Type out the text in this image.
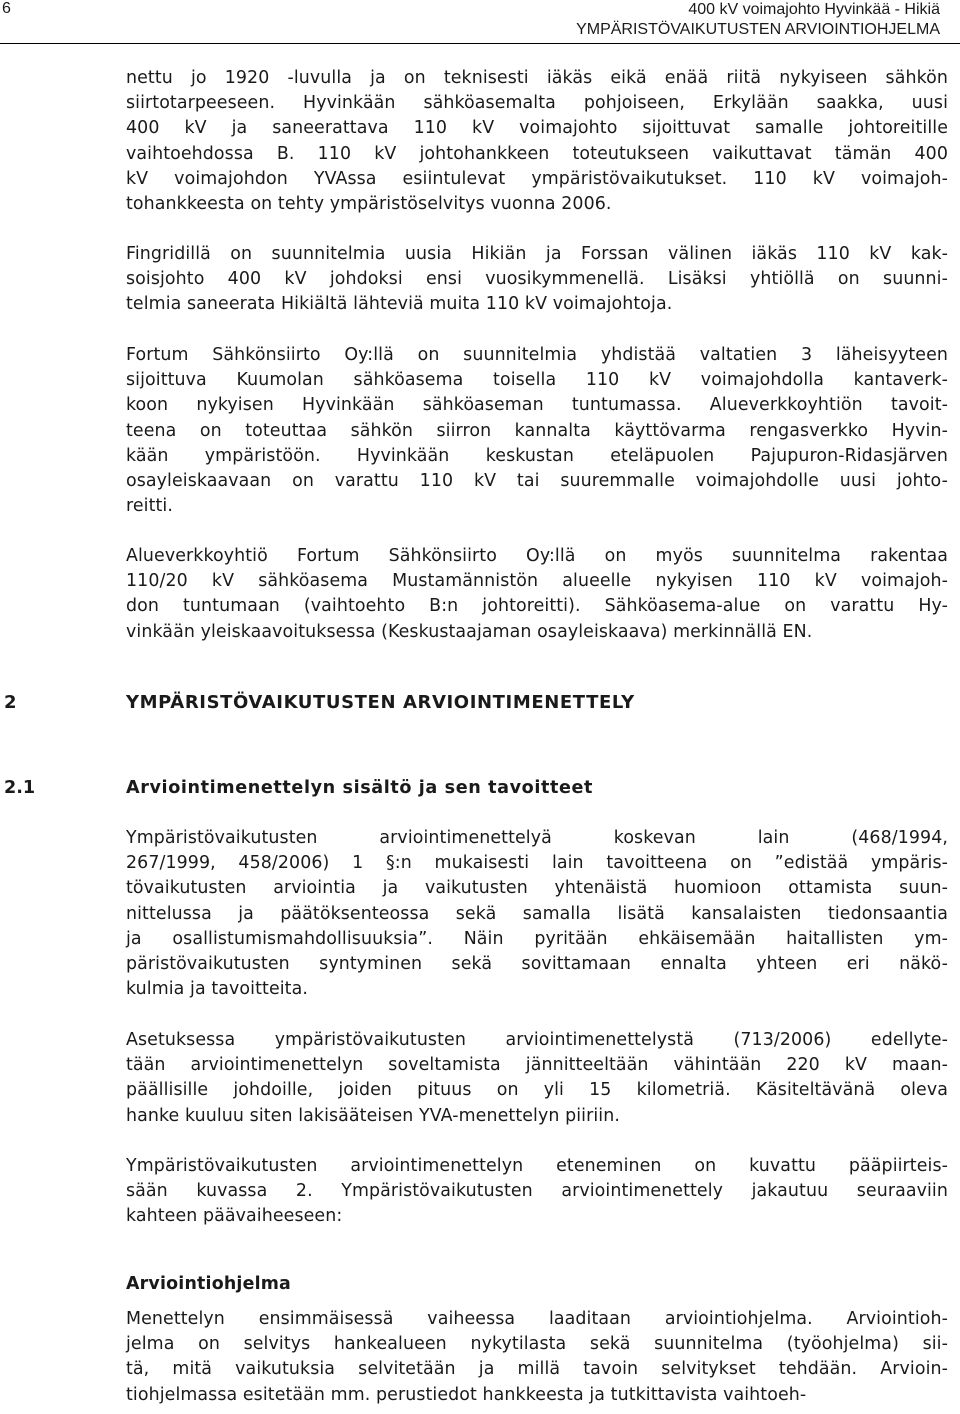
6	400 kV voimajohto Hyvinkää - Hikiä
YMPÄRISTÖVAIKUTUSTEN ARVIOINTIOHJELMA
nettu jo 1920 -luvulla ja on teknisesti iäkäs eikä enää riitä nykyiseen sähkön
siirtotarpeeseen. Hyvinkään sähköasemalta pohjoiseen, Erkylään saakka, uusi
400 kV ja saneerattava 110 kV voimajohto sijoittuvat samalle johtoreitille
vaihtoehdossa B. 110 kV johtohankkeen toteutukseen vaikuttavat tämän 400
kV voimajohdon YVAssa esiintulevat ympäristövaikutukset. 110 kV voimajoh-
tohankkeesta on tehty ympäristöselvitys vuonna 2006.
Fingridillä on suunnitelmia uusia Hikiän ja Forssan välinen iäkäs 110 kV kak-
soisjohto 400 kV johdoksi ensi vuosikymmenellä. Lisäksi yhtiöllä on suunni-
telmia saneerata Hikiältä lähteviä muita 110 kV voimajohtoja.
Fortum Sähkönsiirto Oy:llä on suunnitelmia yhdistää valtatien 3 läheisyyteen
sijoittuva Kuumolan sähköasema toisella 110 kV voimajohdolla kantaverk-
koon nykyisen Hyvinkään sähköaseman tuntumassa. Alueverkkoyhtiön tavoit-
teena on toteuttaa sähkön siirron kannalta käyttövarma rengasverkko Hyvin-
kään ympäristöön. Hyvinkään keskustan eteläpuolen Pajupuron-Ridasjärven
osayleiskaavaan on varattu 110 kV tai suuremmalle voimajohdolle uusi johto-
reitti.
Alueverkkoyhtiö Fortum Sähkönsiirto Oy:llä on myös suunnitelma rakentaa
110/20 kV sähköasema Mustamännistön alueelle nykyisen 110 kV voimajoh-
don tuntumaan (vaihtoehto B:n johtoreitti). Sähköasema-alue on varattu Hy-
vinkään yleiskaavoituksessa (Keskustaajaman osayleiskaava) merkinnällä EN.
2	YMPÄRISTÖVAIKUTUSTEN ARVIOINTIMENETTELY
2.1	Arviointimenettelyn sisältö ja sen tavoitteet
Ympäristövaikutusten arviointimenettelyä koskevan lain (468/1994,
267/1999, 458/2006) 1 §:n mukaisesti lain tavoitteena on ”edistää ympäris-
tövaikutusten arviointia ja vaikutusten yhtenäistä huomioon ottamista suun-
nittelussa ja päätöksenteossa sekä samalla lisätä kansalaisten tiedonsaantia
ja osallistumismahdollisuuksia”. Näin pyritään ehkäisemään haitallisten ym-
päristövaikutusten syntyminen sekä sovittamaan ennalta yhteen eri näkö-
kulmia ja tavoitteita.
Asetuksessa ympäristövaikutusten arviointimenettelystä (713/2006) edellyte-
tään arviointimenettelyn soveltamista jännitteeltään vähintään 220 kV maan-
päällisille johdoille, joiden pituus on yli 15 kilometriä. Käsiteltävänä oleva
hanke kuuluu siten lakisääteisen YVA-menettelyn piiriin.
Ympäristövaikutusten arviointimenettelyn eteneminen on kuvattu pääpiirteis-
sään kuvassa 2. Ympäristövaikutusten arviointimenettely jakautuu seuraaviin
kahteen päävaiheeseen:
Arviointiohjelma
Menettelyn ensimmäisessä vaiheessa laaditaan arviointiohjelma. Arviointioh-
jelma on selvitys hankealueen nykytilasta sekä suunnitelma (työohjelma) sii-
tä, mitä vaikutuksia selvitetään ja millä tavoin selvitykset tehdään. Arvioin-
tiohjelmassa esitetään mm. perustiedot hankkeesta ja tutkittavista vaihtoeh-
